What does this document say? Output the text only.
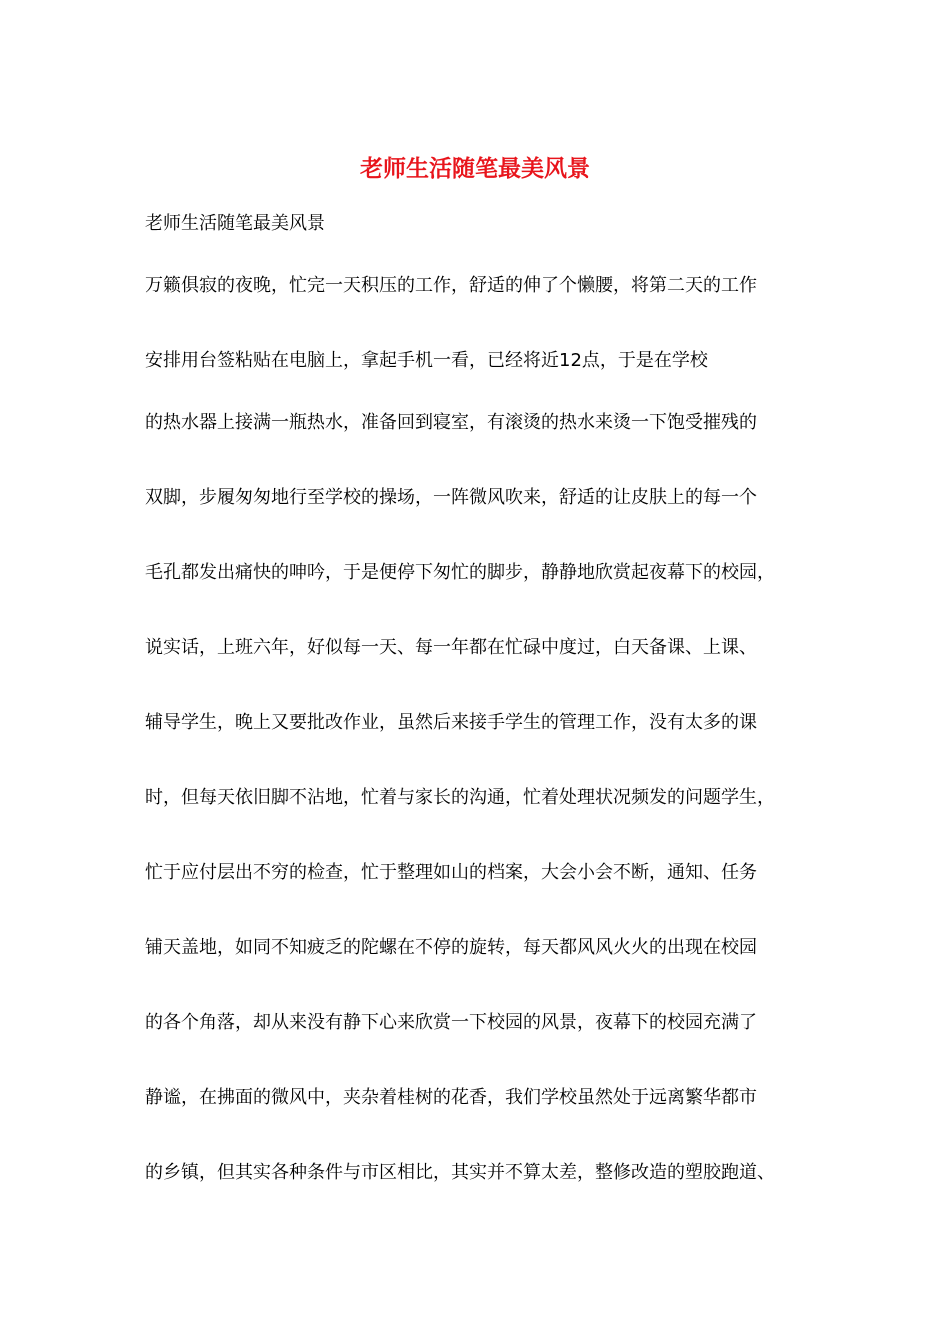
老师生活随笔最美风景

老师生活随笔最美风景

万籁俱寂的夜晚，忙完一天积压的工作，舒适的伸了个懒腰，将第二天的工作

安排用台签粘贴在电脑上，拿起手机一看，已经将近12点，于是在学校

的热水器上接满一瓶热水，准备回到寝室，有滚烫的热水来烫一下饱受摧残的

双脚，步履匆匆地行至学校的操场，一阵微风吹来，舒适的让皮肤上的每一个

毛孔都发出痛快的呻吟，于是便停下匆忙的脚步，静静地欣赏起夜幕下的校园，

说实话，上班六年，好似每一天、每一年都在忙碌中度过，白天备课、上课、

辅导学生，晚上又要批改作业，虽然后来接手学生的管理工作，没有太多的课

时，但每天依旧脚不沾地，忙着与家长的沟通，忙着处理状况频发的问题学生，

忙于应付层出不穷的检查，忙于整理如山的档案，大会小会不断，通知、任务

铺天盖地，如同不知疲乏的陀螺在不停的旋转，每天都风风火火的出现在校园

的各个角落，却从来没有静下心来欣赏一下校园的风景，夜幕下的校园充满了

静谧，在拂面的微风中，夹杂着桂树的花香，我们学校虽然处于远离繁华都市

的乡镇，但其实各种条件与市区相比，其实并不算太差，整修改造的塑胶跑道、
